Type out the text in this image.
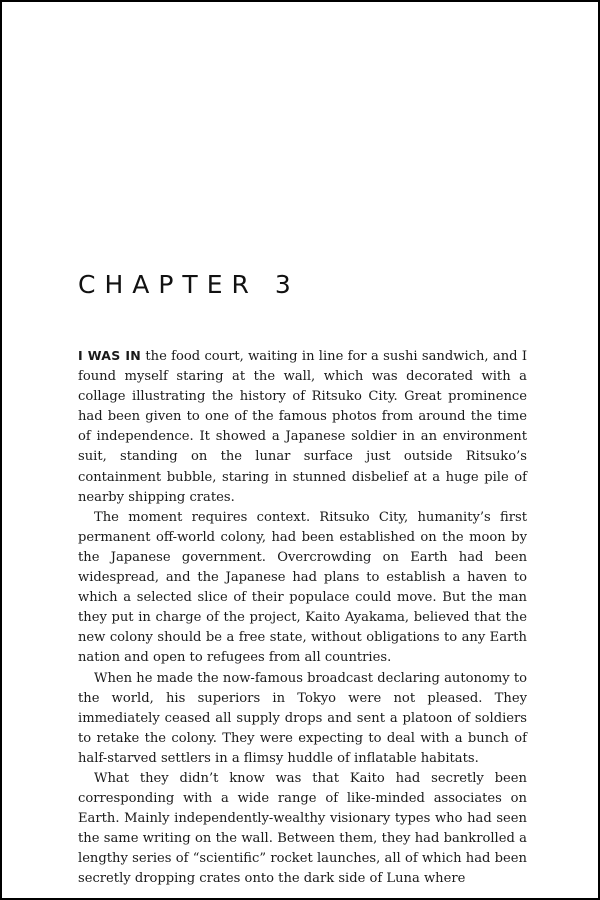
CHAPTER 3

I WAS IN the food court, waiting in line for a sushi sandwich, and I found myself staring at the wall, which was decorated with a collage illustrating the history of Ritsuko City. Great prominence had been given to one of the famous photos from around the time of independence. It showed a Japanese soldier in an environment suit, standing on the lunar surface just outside Ritsuko’s containment bubble, staring in stunned disbelief at a huge pile of nearby shipping crates.

The moment requires context. Ritsuko City, humanity’s first permanent off-world colony, had been established on the moon by the Japanese government. Overcrowding on Earth had been widespread, and the Japanese had plans to establish a haven to which a selected slice of their populace could move. But the man they put in charge of the project, Kaito Ayakama, believed that the new colony should be a free state, without obligations to any Earth nation and open to refugees from all countries.

When he made the now-famous broadcast declaring autonomy to the world, his superiors in Tokyo were not pleased. They immediately ceased all supply drops and sent a platoon of soldiers to retake the colony. They were expecting to deal with a bunch of half-starved settlers in a flimsy huddle of inflatable habitats.

What they didn’t know was that Kaito had secretly been corresponding with a wide range of like-minded associates on Earth. Mainly independently-wealthy visionary types who had seen the same writing on the wall. Between them, they had bankrolled a lengthy series of “scientific” rocket launches, all of which had been secretly dropping crates onto the dark side of Luna where
